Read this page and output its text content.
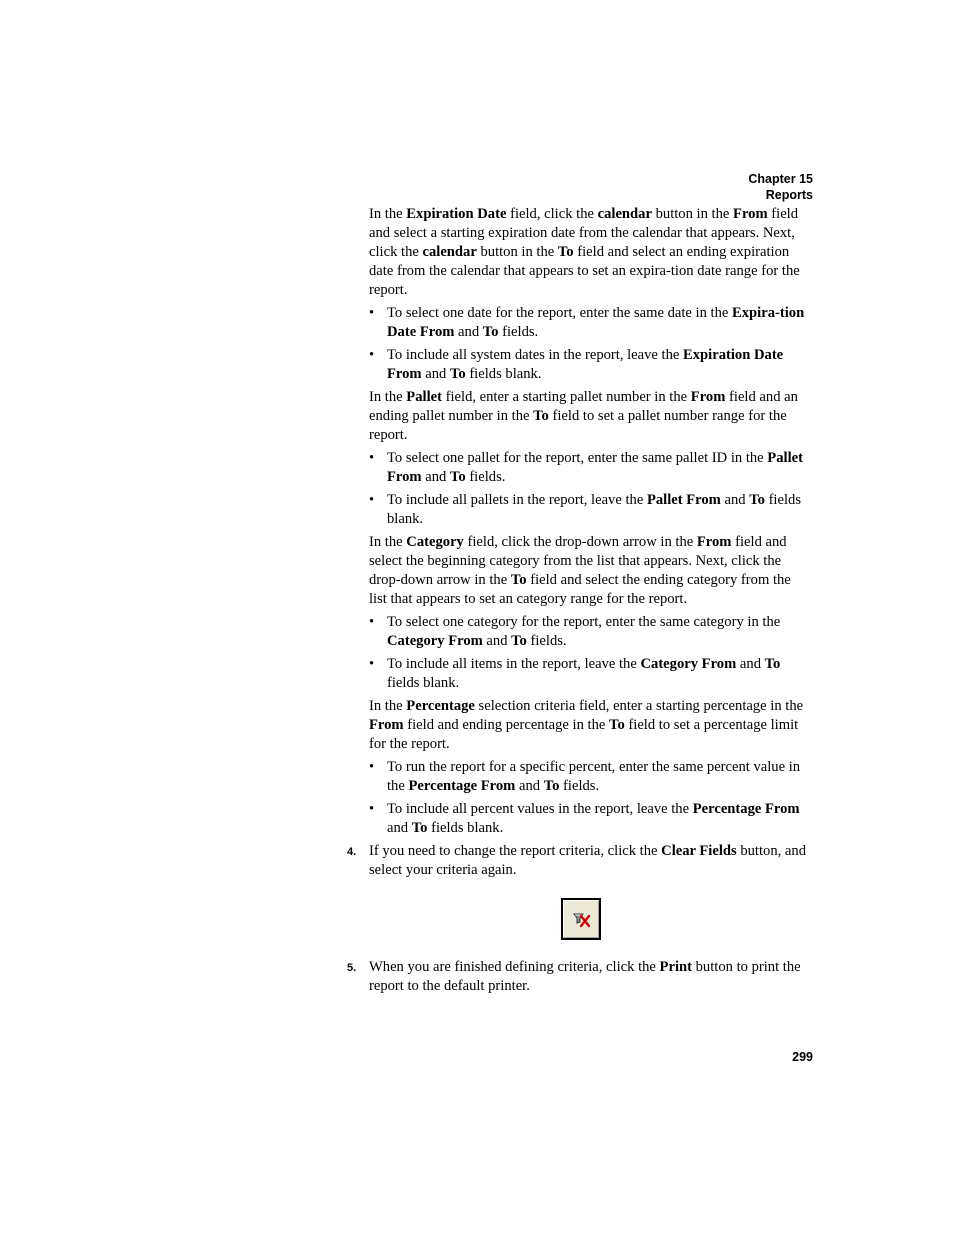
Chapter 15
Reports

In the Expiration Date field, click the calendar button in the From field and select a starting expiration date from the calendar that appears. Next, click the calendar button in the To field and select an ending expiration date from the calendar that appears to set an expira-tion date range for the report.

• To select one date for the report, enter the same date in the Expira-tion Date From and To fields.
• To include all system dates in the report, leave the Expiration Date From and To fields blank.

In the Pallet field, enter a starting pallet number in the From field and an ending pallet number in the To field to set a pallet number range for the report.

• To select one pallet for the report, enter the same pallet ID in the Pallet From and To fields.
• To include all pallets in the report, leave the Pallet From and To fields blank.

In the Category field, click the drop-down arrow in the From field and select the beginning category from the list that appears. Next, click the drop-down arrow in the To field and select the ending category from the list that appears to set an category range for the report.

• To select one category for the report, enter the same category in the Category From and To fields.
• To include all items in the report, leave the Category From and To fields blank.

In the Percentage selection criteria field, enter a starting percentage in the From field and ending percentage in the To field to set a percentage limit for the report.

• To run the report for a specific percent, enter the same percent value in the Percentage From and To fields.
• To include all percent values in the report, leave the Percentage From and To fields blank.
4. If you need to change the report criteria, click the Clear Fields button, and select your criteria again.
5. When you are finished defining criteria, click the Print button to print the report to the default printer.
299
